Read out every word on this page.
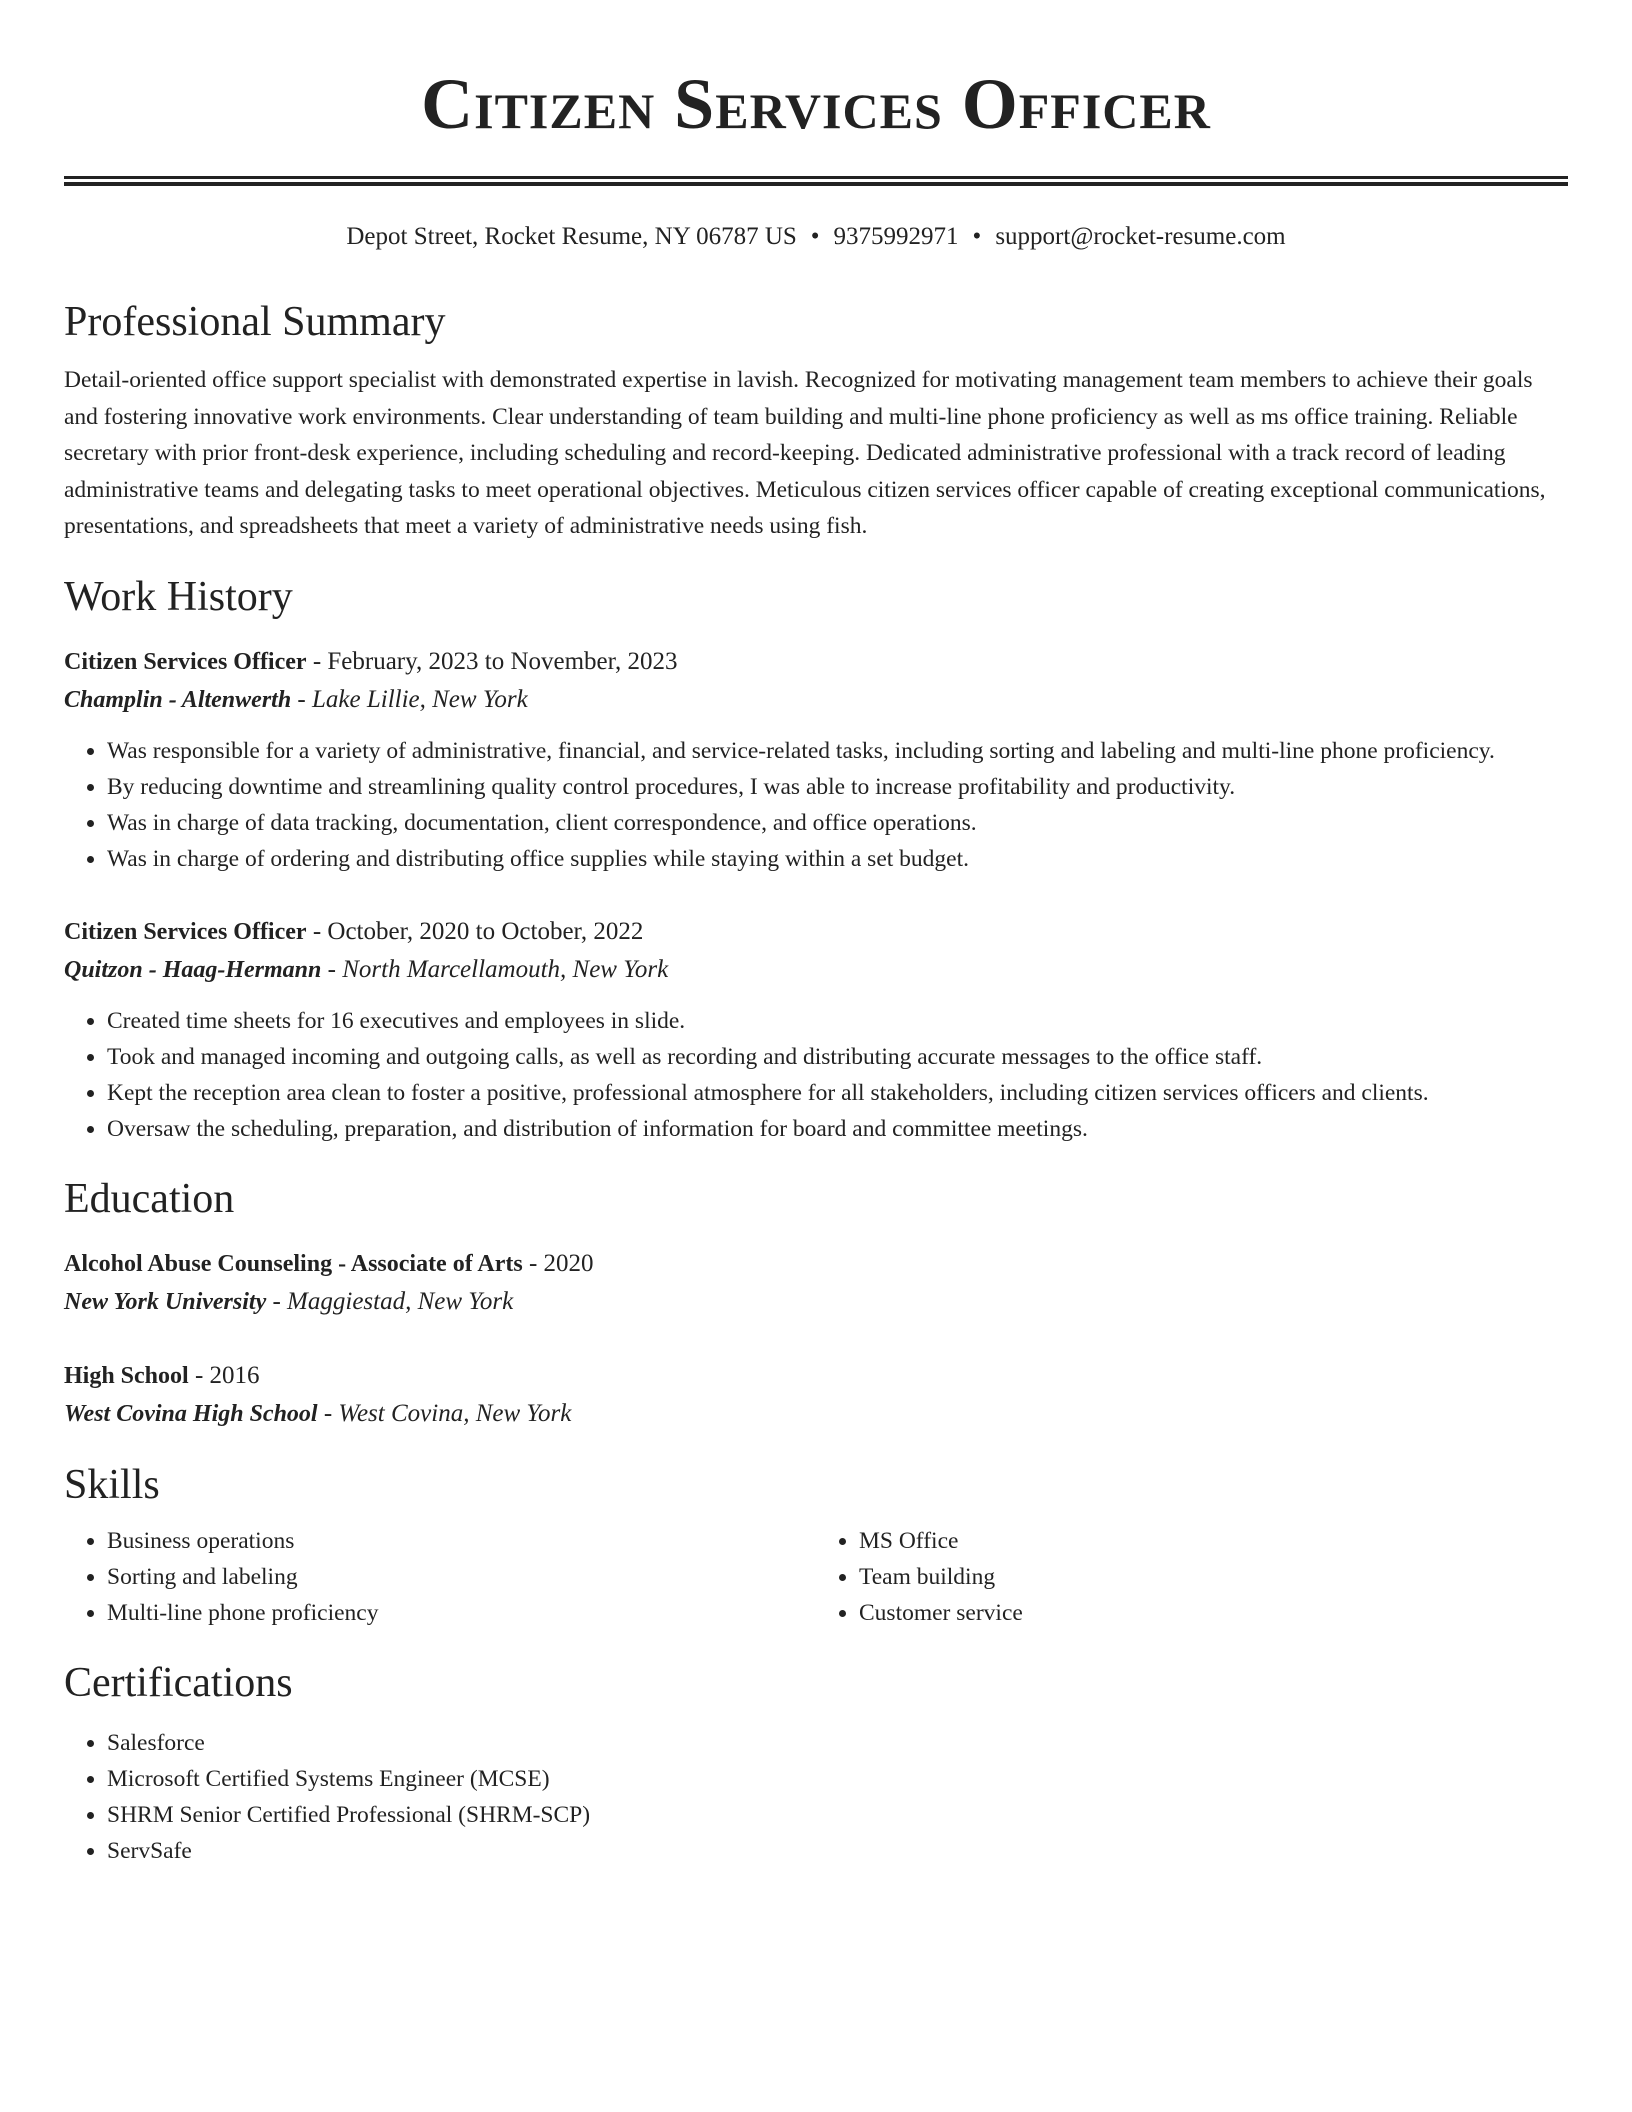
Citizen Services Officer
Depot Street, Rocket Resume, NY 06787 US • 9375992971 • support@rocket-resume.com
Professional Summary
Detail-oriented office support specialist with demonstrated expertise in lavish. Recognized for motivating management team members to achieve their goals and fostering innovative work environments. Clear understanding of team building and multi-line phone proficiency as well as ms office training. Reliable secretary with prior front-desk experience, including scheduling and record-keeping. Dedicated administrative professional with a track record of leading administrative teams and delegating tasks to meet operational objectives. Meticulous citizen services officer capable of creating exceptional communications, presentations, and spreadsheets that meet a variety of administrative needs using fish.
Work History
Citizen Services Officer - February, 2023 to November, 2023
Champlin - Altenwerth - Lake Lillie, New York
• Was responsible for a variety of administrative, financial, and service-related tasks, including sorting and labeling and multi-line phone proficiency.
• By reducing downtime and streamlining quality control procedures, I was able to increase profitability and productivity.
• Was in charge of data tracking, documentation, client correspondence, and office operations.
• Was in charge of ordering and distributing office supplies while staying within a set budget.
Citizen Services Officer - October, 2020 to October, 2022
Quitzon - Haag-Hermann - North Marcellamouth, New York
• Created time sheets for 16 executives and employees in slide.
• Took and managed incoming and outgoing calls, as well as recording and distributing accurate messages to the office staff.
• Kept the reception area clean to foster a positive, professional atmosphere for all stakeholders, including citizen services officers and clients.
• Oversaw the scheduling, preparation, and distribution of information for board and committee meetings.
Education
Alcohol Abuse Counseling - Associate of Arts - 2020
New York University - Maggiestad, New York
High School - 2016
West Covina High School - West Covina, New York
Skills
• Business operations
• Sorting and labeling
• Multi-line phone proficiency
• MS Office
• Team building
• Customer service
Certifications
• Salesforce
• Microsoft Certified Systems Engineer (MCSE)
• SHRM Senior Certified Professional (SHRM-SCP)
• ServSafe
